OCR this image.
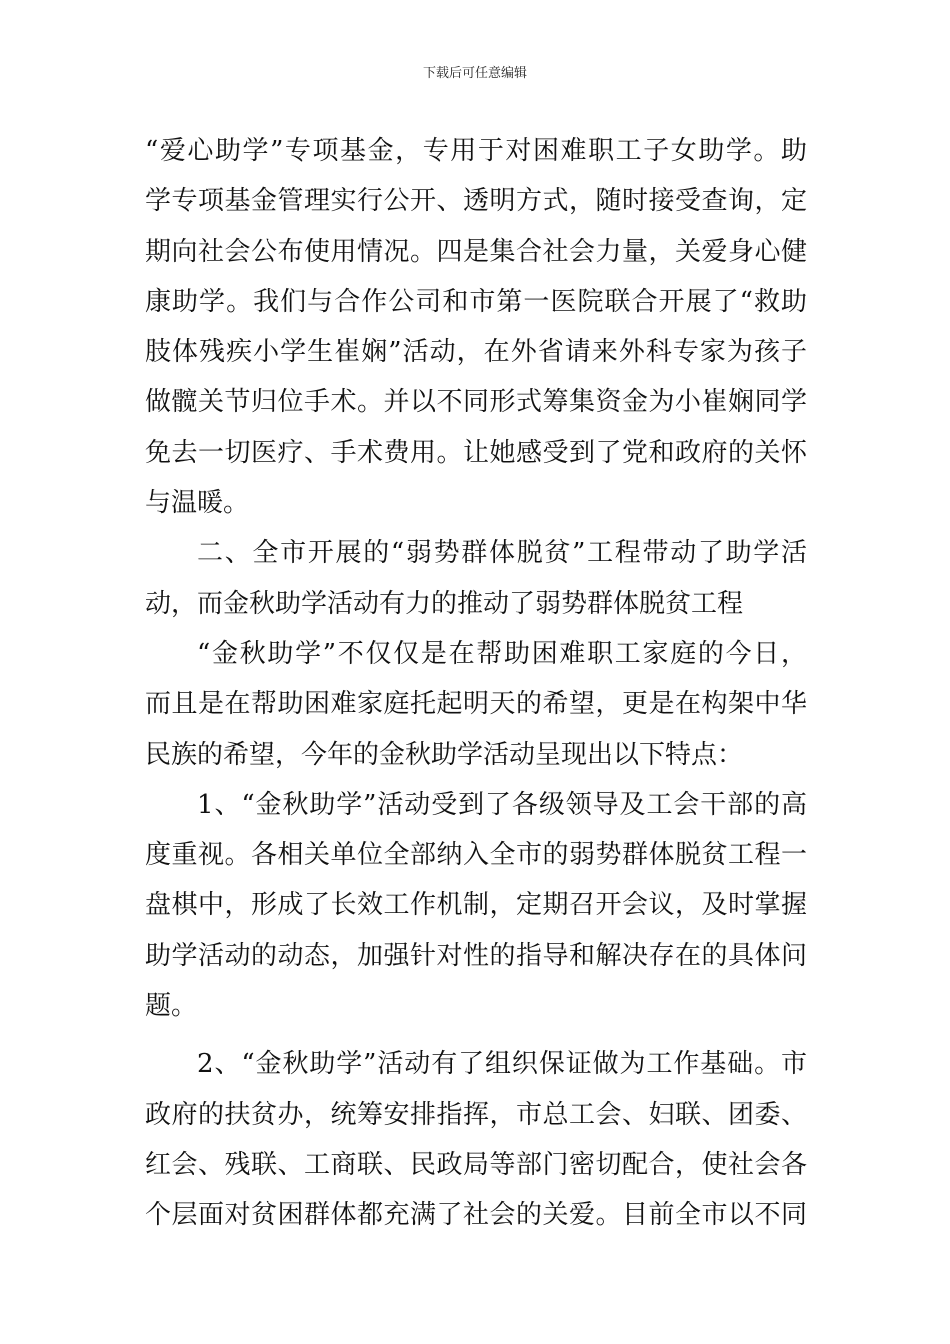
下载后可任意编辑
“爱心助学”专项基金，专用于对困难职工子女助学。助
学专项基金管理实行公开、透明方式，随时接受查询，定
期向社会公布使用情况。四是集合社会力量，关爱身心健
康助学。我们与合作公司和市第一医院联合开展了“救助
肢体残疾小学生崔娴”活动，在外省请来外科专家为孩子
做髋关节归位手术。并以不同形式筹集资金为小崔娴同学
免去一切医疗、手术费用。让她感受到了党和政府的关怀
与温暖。
二、全市开展的“弱势群体脱贫”工程带动了助学活
动，而金秋助学活动有力的推动了弱势群体脱贫工程
“金秋助学”不仅仅是在帮助困难职工家庭的今日，
而且是在帮助困难家庭托起明天的希望，更是在构架中华
民族的希望，今年的金秋助学活动呈现出以下特点：
1、“金秋助学”活动受到了各级领导及工会干部的高
度重视。各相关单位全部纳入全市的弱势群体脱贫工程一
盘棋中，形成了长效工作机制，定期召开会议，及时掌握
助学活动的动态，加强针对性的指导和解决存在的具体问
题。
2、“金秋助学”活动有了组织保证做为工作基础。市
政府的扶贫办，统筹安排指挥，市总工会、妇联、团委、
红会、残联、工商联、民政局等部门密切配合，使社会各
个层面对贫困群体都充满了社会的关爱。目前全市以不同
